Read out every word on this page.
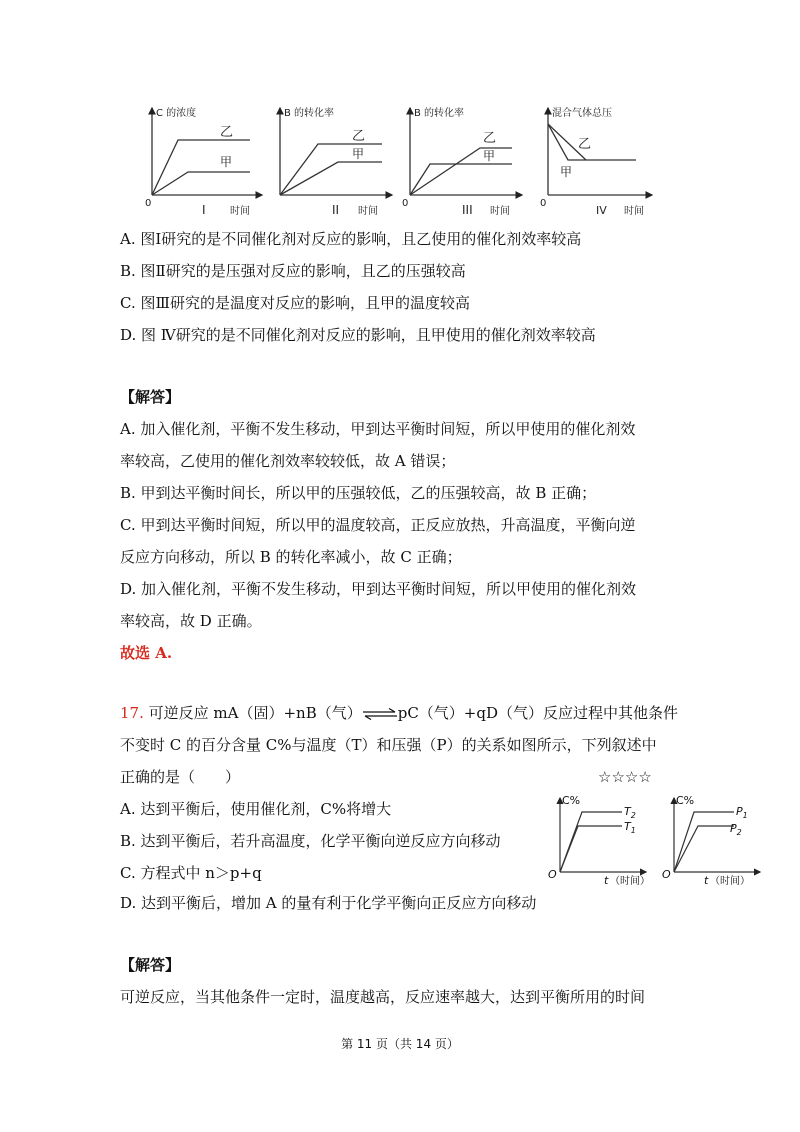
C 的浓度
0
乙
甲
I 时间
B 的转化率
乙
甲
II 时间
B 的转化率
0
乙
甲
III 时间
混合气体总压
0
乙
甲
IV 时间
A. 图Ⅰ研究的是不同催化剂对反应的影响，且乙使用的催化剂效率较高
B. 图Ⅱ研究的是压强对反应的影响，且乙的压强较高
C. 图Ⅲ研究的是温度对反应的影响，且甲的温度较高
D. 图 Ⅳ研究的是不同催化剂对反应的影响，且甲使用的催化剂效率较高
【解答】
A. 加入催化剂，平衡不发生移动，甲到达平衡时间短，所以甲使用的催化剂效
率较高，乙使用的催化剂效率较较低，故 A 错误；
B. 甲到达平衡时间长，所以甲的压强较低，乙的压强较高，故 B 正确；
C. 甲到达平衡时间短，所以甲的温度较高，正反应放热，升高温度，平衡向逆
反应方向移动，所以 B 的转化率减小，故 C 正确；
D. 加入催化剂，平衡不发生移动，甲到达平衡时间短，所以甲使用的催化剂效
率较高，故 D 正确。
故选 A.
17. 可逆反应 mA（固）+nB（气）⇌pC（气）+qD（气）反应过程中其他条件
不变时 C 的百分含量 C%与温度（T）和压强（P）的关系如图所示，下列叙述中
正确的是（　　）	☆☆☆☆
A. 达到平衡后，使用催化剂，C%将增大
B. 达到平衡后，若升高温度，化学平衡向逆反应方向移动
C. 方程式中 n＞p+q
D. 达到平衡后，增加 A 的量有利于化学平衡向正反应方向移动
C%
$T_2$
$T_1$
O	t （时间）
C%
$P_1$
$P_2$
O	t （时间）
【解答】
可逆反应，当其他条件一定时，温度越高，反应速率越大，达到平衡所用的时间
第 11 页（共 14 页）
